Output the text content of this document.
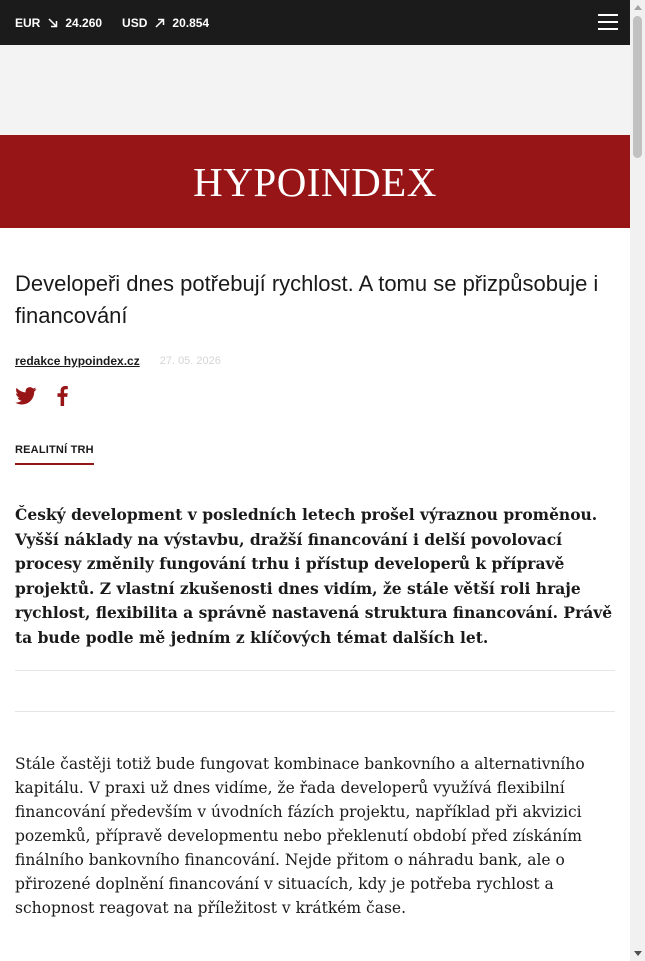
EUR 24.260 USD 20.854
HYPOINDEX
Developeři dnes potřebují rychlost. A tomu se přizpůsobuje i financování
redakce hypoindex.cz 27. 05. 2026
REALITNÍ TRH
Český development v posledních letech prošel výraznou proměnou. Vyšší náklady na výstavbu, dražší financování i delší povolovací procesy změnily fungování trhu i přístup developerů k přípravě projektů. Z vlastní zkušenosti dnes vidím, že stále větší roli hraje rychlost, flexibilita a správně nastavená struktura financování. Právě ta bude podle mě jedním z klíčových témat dalších let.
Stále častěji totiž bude fungovat kombinace bankovního a alternativního kapitálu. V praxi už dnes vidíme, že řada developerů využívá flexibilní financování především v úvodních fázích projektu, například při akvizici pozemků, přípravě developmentu nebo překlenutí období před získáním finálního bankovního financování. Nejde přitom o náhradu bank, ale o přirozené doplnění financování v situacích, kdy je potřeba rychlost a schopnost reagovat na příležitost v krátkém čase.
